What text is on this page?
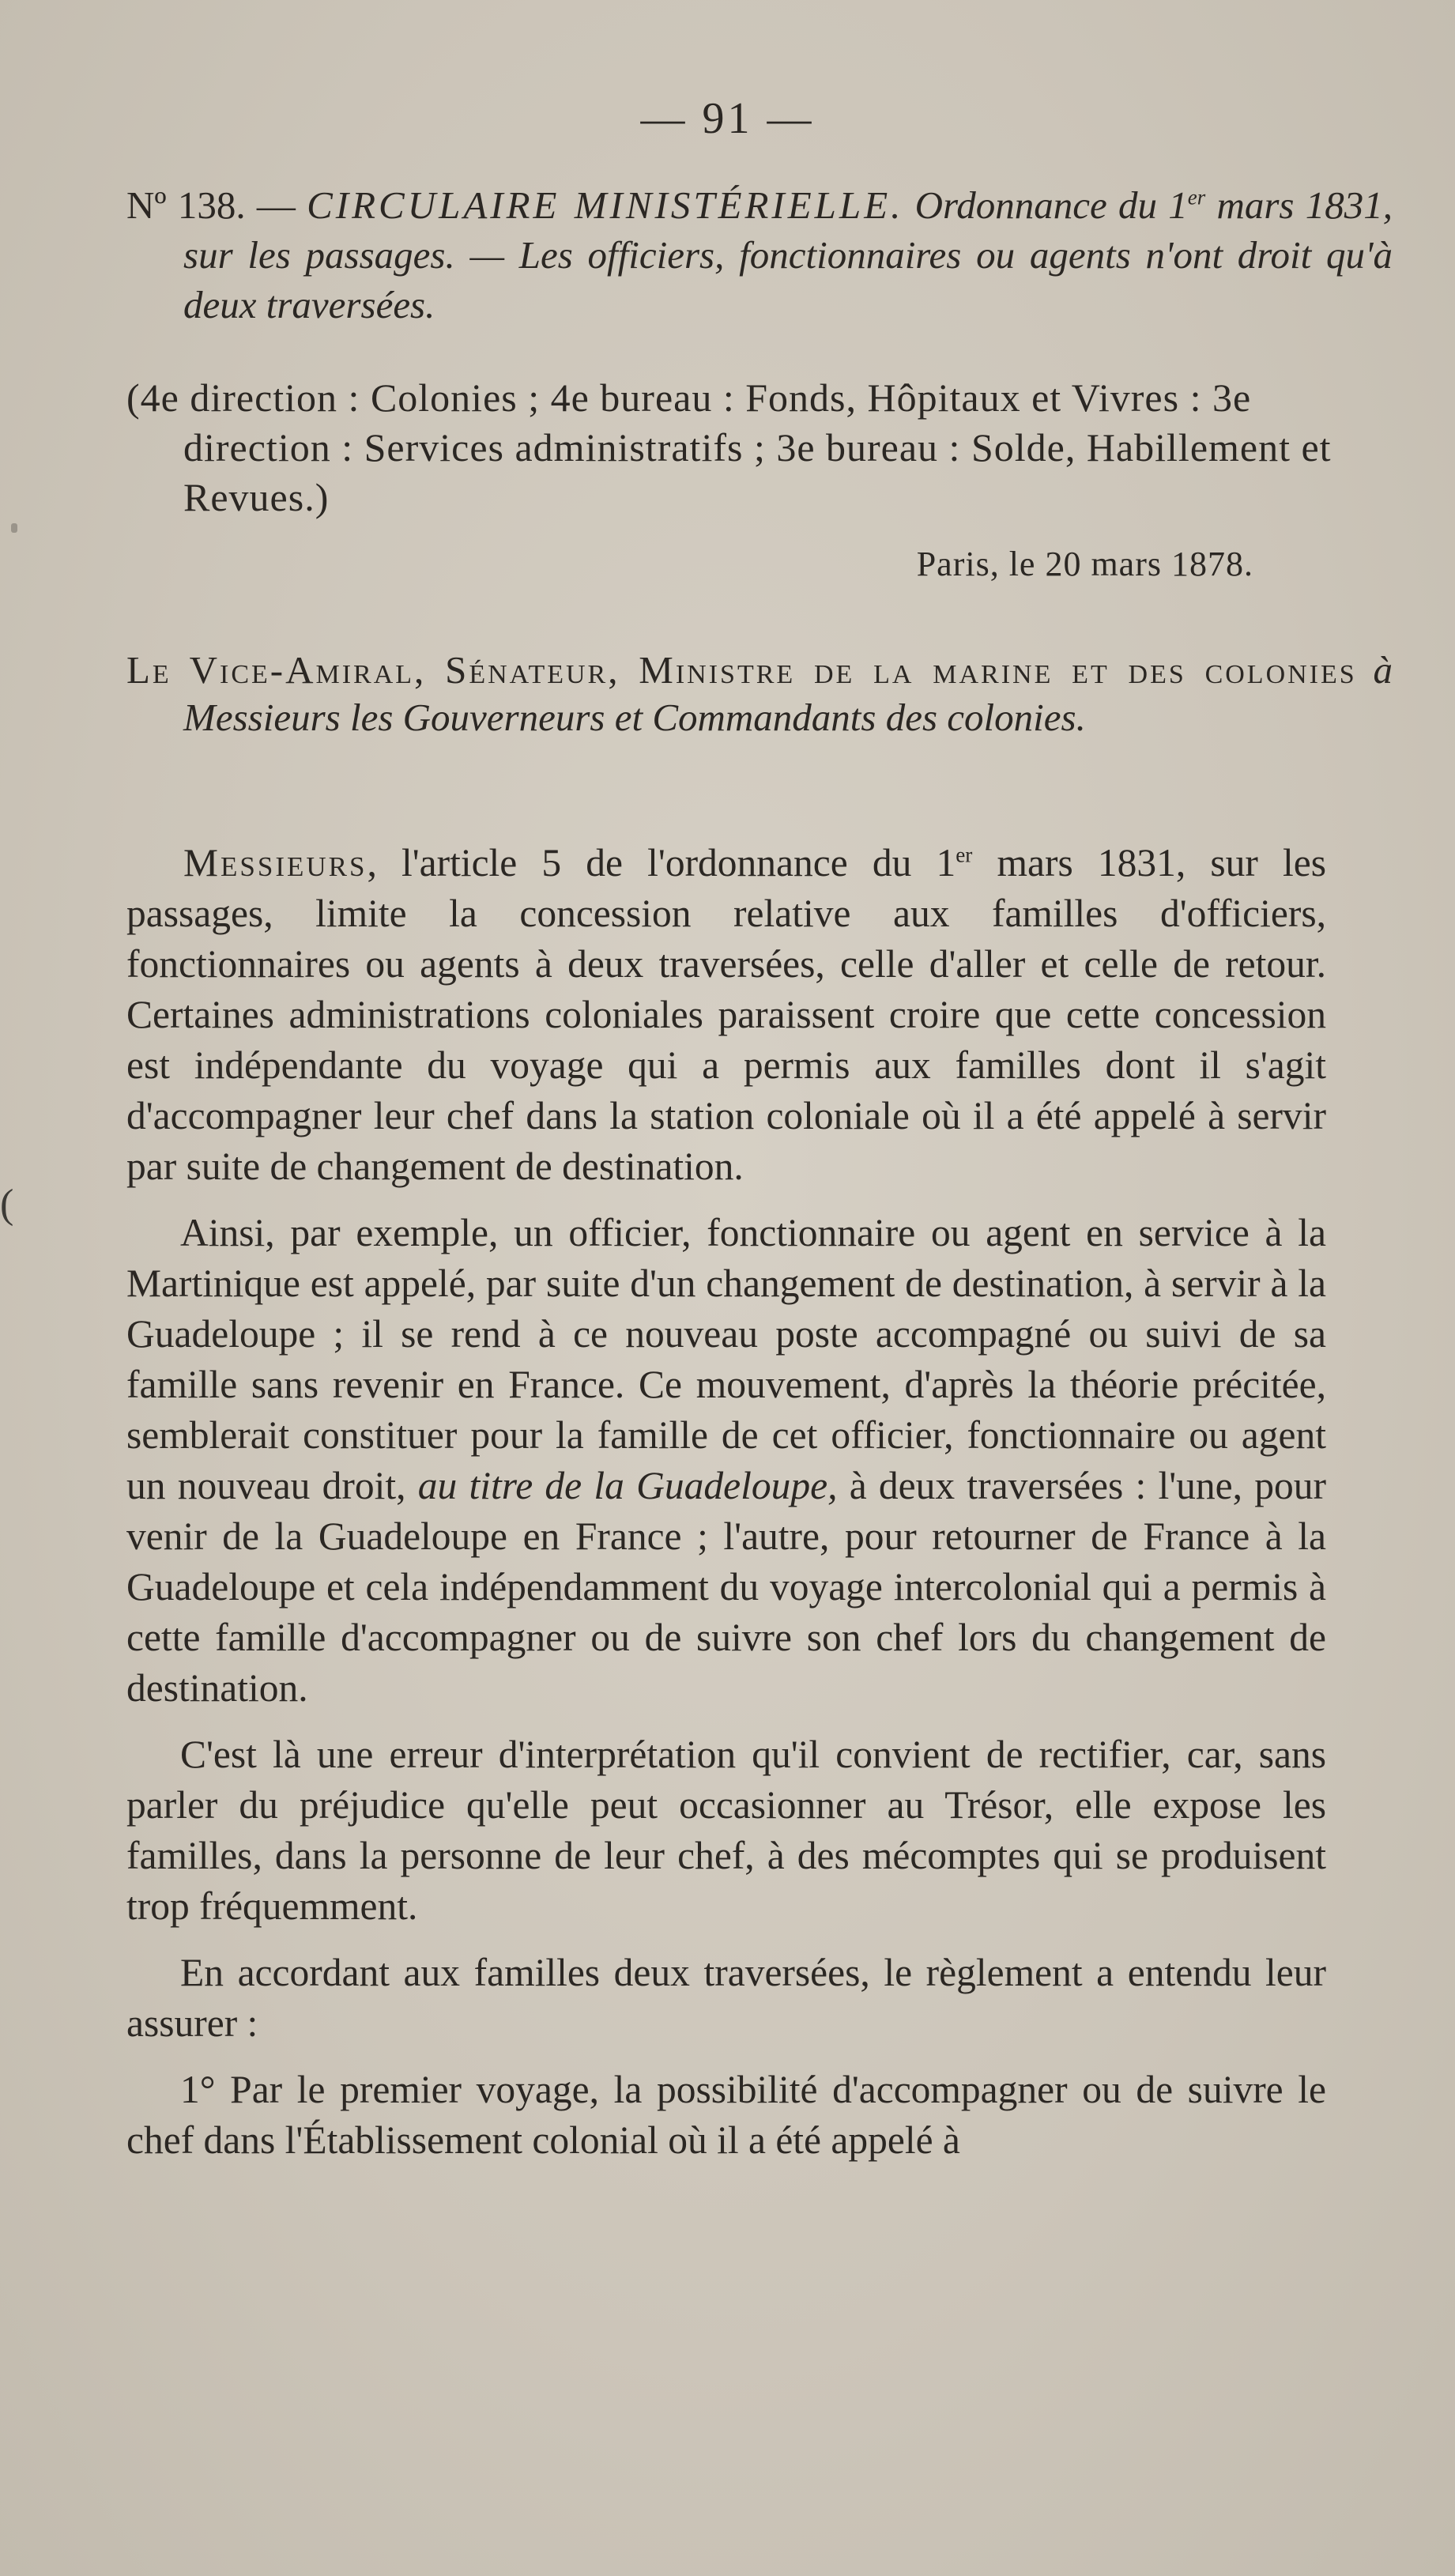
— 91 —
Nº 138. — CIRCULAIRE MINISTÉRIELLE. Ordonnance du 1er mars 1831, sur les passages. — Les officiers, fonctionnaires ou agents n'ont droit qu'à deux traversées.
(4e direction : Colonies ; 4e bureau : Fonds, Hôpitaux et Vivres : 3e direction : Services administratifs ; 3e bureau : Solde, Habillement et Revues.)
Paris, le 20 mars 1878.
Le Vice-Amiral, Sénateur, Ministre de la marine et des colonies à Messieurs les Gouverneurs et Commandants des colonies.

Messieurs, l'article 5 de l'ordonnance du 1er mars 1831, sur les passages, limite la concession relative aux familles d'officiers, fonctionnaires ou agents à deux traversées, celle d'aller et celle de retour. Certaines administrations coloniales paraissent croire que cette concession est indépendante du voyage qui a permis aux familles dont il s'agit d'accompagner leur chef dans la station coloniale où il a été appelé à servir par suite de changement de destination.

Ainsi, par exemple, un officier, fonctionnaire ou agent en service à la Martinique est appelé, par suite d'un changement de destination, à servir à la Guadeloupe ; il se rend à ce nouveau poste accompagné ou suivi de sa famille sans revenir en France. Ce mouvement, d'après la théorie précitée, semblerait constituer pour la famille de cet officier, fonctionnaire ou agent un nouveau droit, au titre de la Guadeloupe, à deux traversées : l'une, pour venir de la Guadeloupe en France ; l'autre, pour retourner de France à la Guadeloupe et cela indépendamment du voyage intercolonial qui a permis à cette famille d'accompagner ou de suivre son chef lors du changement de destination.

C'est là une erreur d'interprétation qu'il convient de rectifier, car, sans parler du préjudice qu'elle peut occasionner au Trésor, elle expose les familles, dans la personne de leur chef, à des mécomptes qui se produisent trop fréquemment.

En accordant aux familles deux traversées, le règlement a entendu leur assurer :

1° Par le premier voyage, la possibilité d'accompagner ou de suivre le chef dans l'Établissement colonial où il a été appelé à

(
